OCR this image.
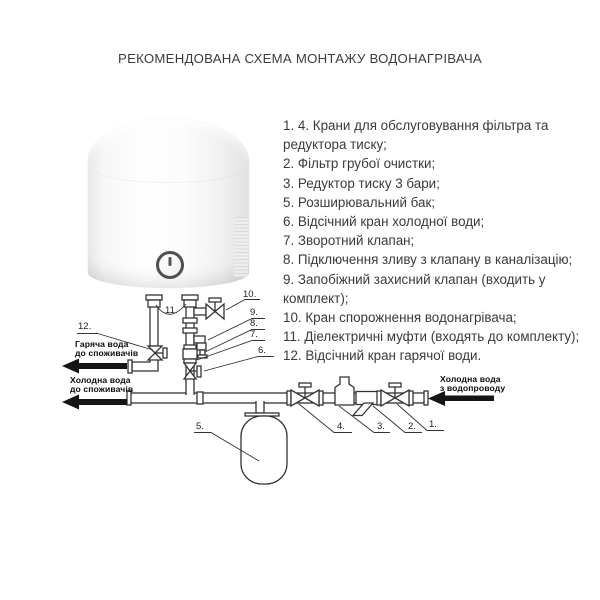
РЕКОМЕНДОВАНА СХЕМА МОНТАЖУ ВОДОНАГРІВАЧА
1. 4. Крани для обслуговування фільтра та
редуктора тиску;
2. Фільтр грубої очистки;
3. Редуктор тиску 3 бари;
5. Розширювальний бак;
6. Відсічний кран холодної води;
7. Зворотний клапан;
8. Підключення зливу з клапану в каналізацію;
9. Запобіжний захисний клапан (входить у
комплект);
10. Кран спорожнення водонагрівача;
11. Діелектричні муфти (входять до комплекту);
12. Відсічний кран гарячої води.
12.
11.
10.
9.
8.
7.
6.
5.	4.	3. 2. 1.
Гаряча вода
до споживачів
Холодна вода
до споживачів
Холодна вода
з водопроводу
